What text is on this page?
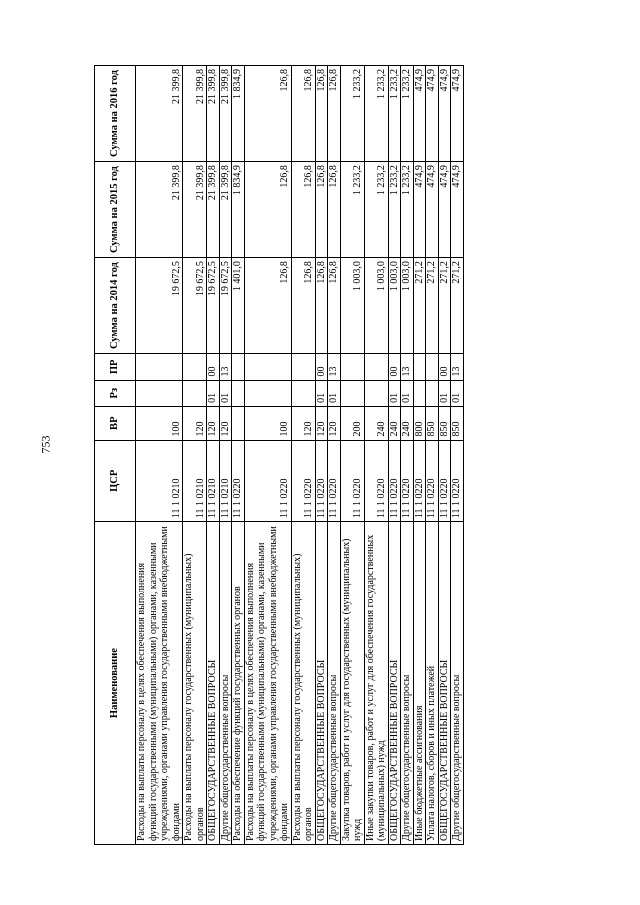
753
Наименование	ЦСР	ВР	Рз	ПР	Сумма на 2014 год	Сумма на 2015 год	Сумма на 2016 год
Расходы на выплаты персоналу в целях обеспечения выполнения функций государственными (муниципальными) органами, казенными учреждениями, органами управления государственными внебюджетными фондами	11 1 0210	100			19 672,5	21 399,8	21 399,8
Расходы на выплаты персоналу государственных (муниципальных) органов	11 1 0210	120			19 672,5	21 399,8	21 399,8
ОБЩЕГОСУДАРСТВЕННЫЕ ВОПРОСЫ	11 1 0210	120	01	00	19 672,5	21 399,8	21 399,8
Другие общегосударственные вопросы	11 1 0210	120	01	13	19 672,5	21 399,8	21 399,8
Расходы на обеспечение функций государственных органов	11 1 0220				1 401,0	1 834,9	1 834,9
Расходы на выплаты персоналу в целях обеспечения выполнения функций государственными (муниципальными) органами, казенными учреждениями, органами управления государственными внебюджетными фондами	11 1 0220	100			126,8	126,8	126,8
Расходы на выплаты персоналу государственных (муниципальных) органов	11 1 0220	120			126,8	126,8	126,8
ОБЩЕГОСУДАРСТВЕННЫЕ ВОПРОСЫ	11 1 0220	120	01	00	126,8	126,8	126,8
Другие общегосударственные вопросы	11 1 0220	120	01	13	126,8	126,8	126,8
Закупка товаров, работ и услуг для государственных (муниципальных) нужд	11 1 0220	200			1 003,0	1 233,2	1 233,2
Иные закупки товаров, работ и услуг для обеспечения государственных (муниципальных) нужд	11 1 0220	240			1 003,0	1 233,2	1 233,2
ОБЩЕГОСУДАРСТВЕННЫЕ ВОПРОСЫ	11 1 0220	240	01	00	1 003,0	1 233,2	1 233,2
Другие общегосударственные вопросы	11 1 0220	240	01	13	1 003,0	1 233,2	1 233,2
Иные бюджетные ассигнования	11 1 0220	800			271,2	474,9	474,9
Уплата налогов, сборов и иных платежей	11 1 0220	850			271,2	474,9	474,9
ОБЩЕГОСУДАРСТВЕННЫЕ ВОПРОСЫ	11 1 0220	850	01	00	271,2	474,9	474,9
Другие общегосударственные вопросы	11 1 0220	850	01	13	271,2	474,9	474,9
